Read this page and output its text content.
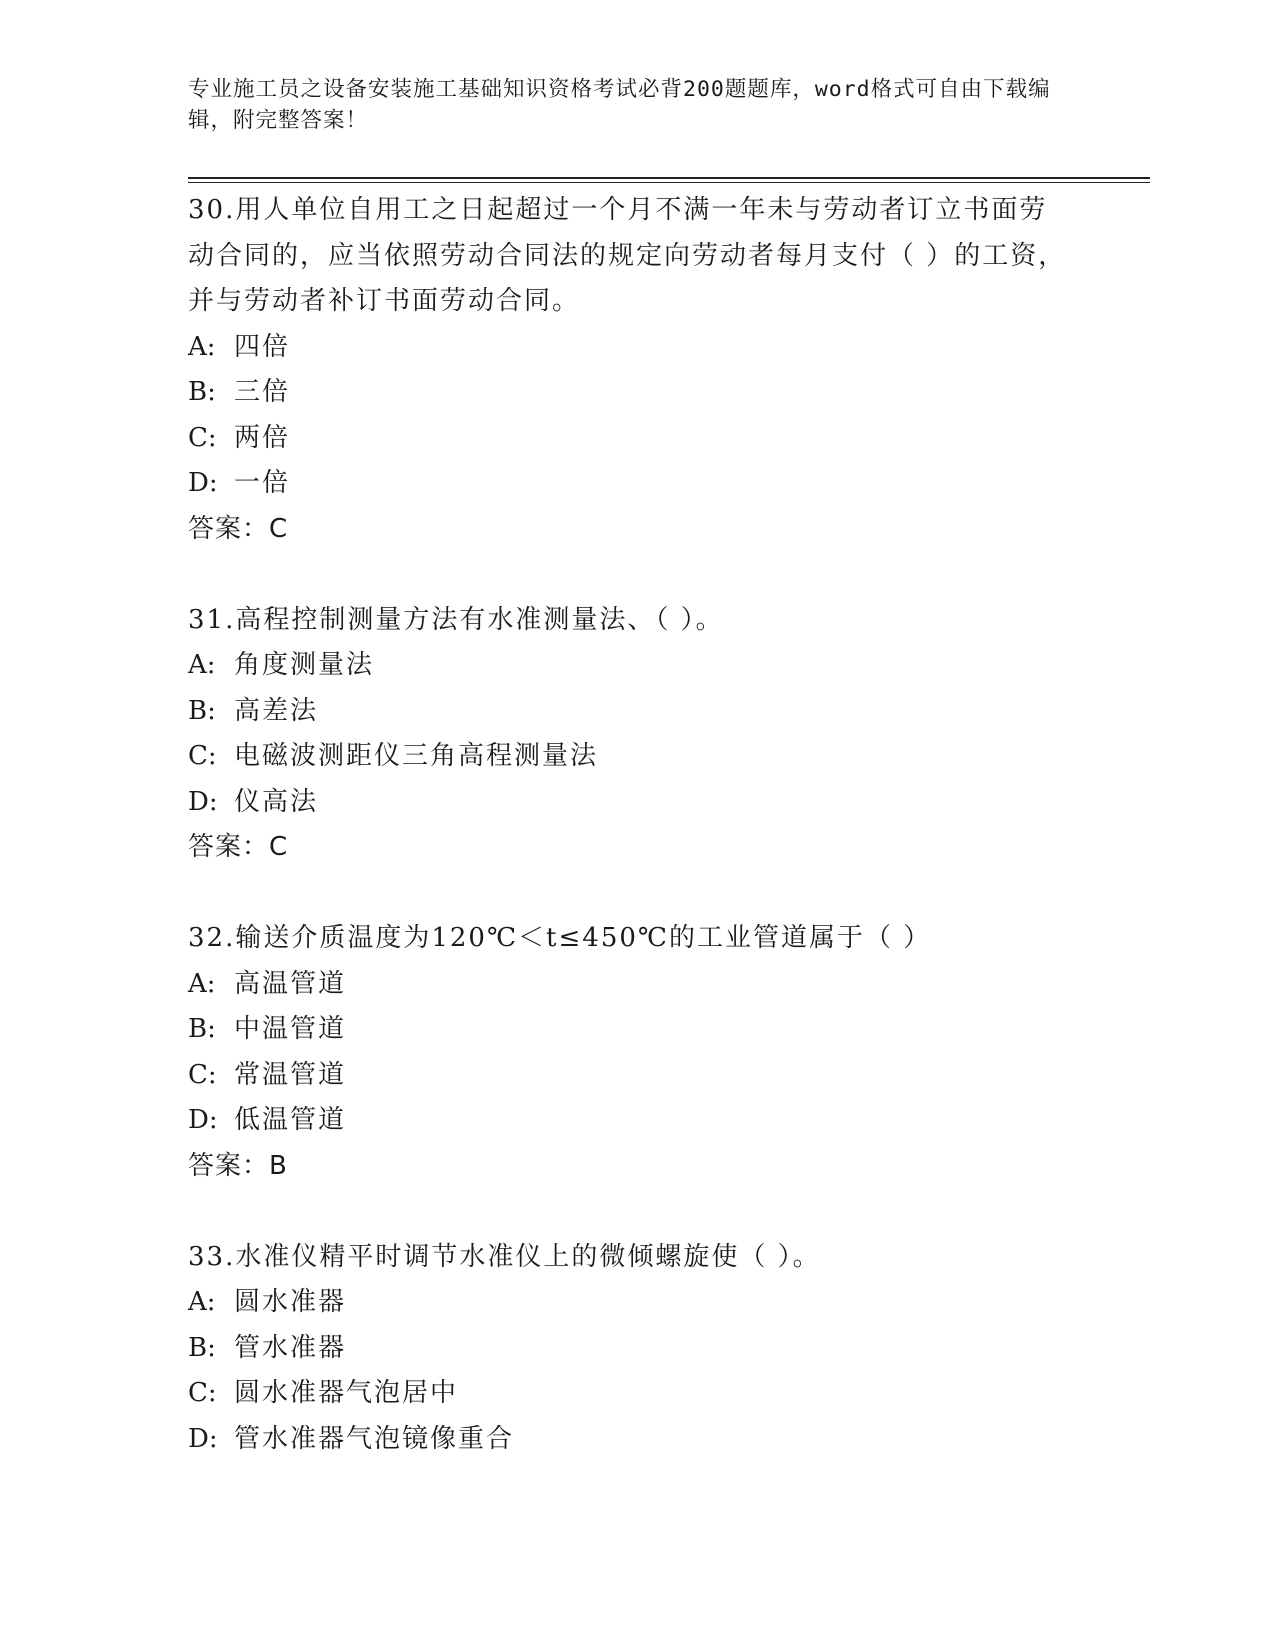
专业施工员之设备安装施工基础知识资格考试必背200题题库，word格式可自由下载编辑，附完整答案！
30.用人单位自用工之日起超过一个月不满一年未与劳动者订立书面劳动合同的，应当依照劳动合同法的规定向劳动者每月支付（ ）的工资，并与劳动者补订书面劳动合同。
A: 四倍
B: 三倍
C: 两倍
D: 一倍
答案：C
31.高程控制测量方法有水准测量法、（ ）。
A: 角度测量法
B: 高差法
C: 电磁波测距仪三角高程测量法
D: 仪高法
答案：C
32.输送介质温度为120℃＜t≤450℃的工业管道属于（ ）
A: 高温管道
B: 中温管道
C: 常温管道
D: 低温管道
答案：B
33.水准仪精平时调节水准仪上的微倾螺旋使（ ）。
A: 圆水准器
B: 管水准器
C: 圆水准器气泡居中
D: 管水准器气泡镜像重合
